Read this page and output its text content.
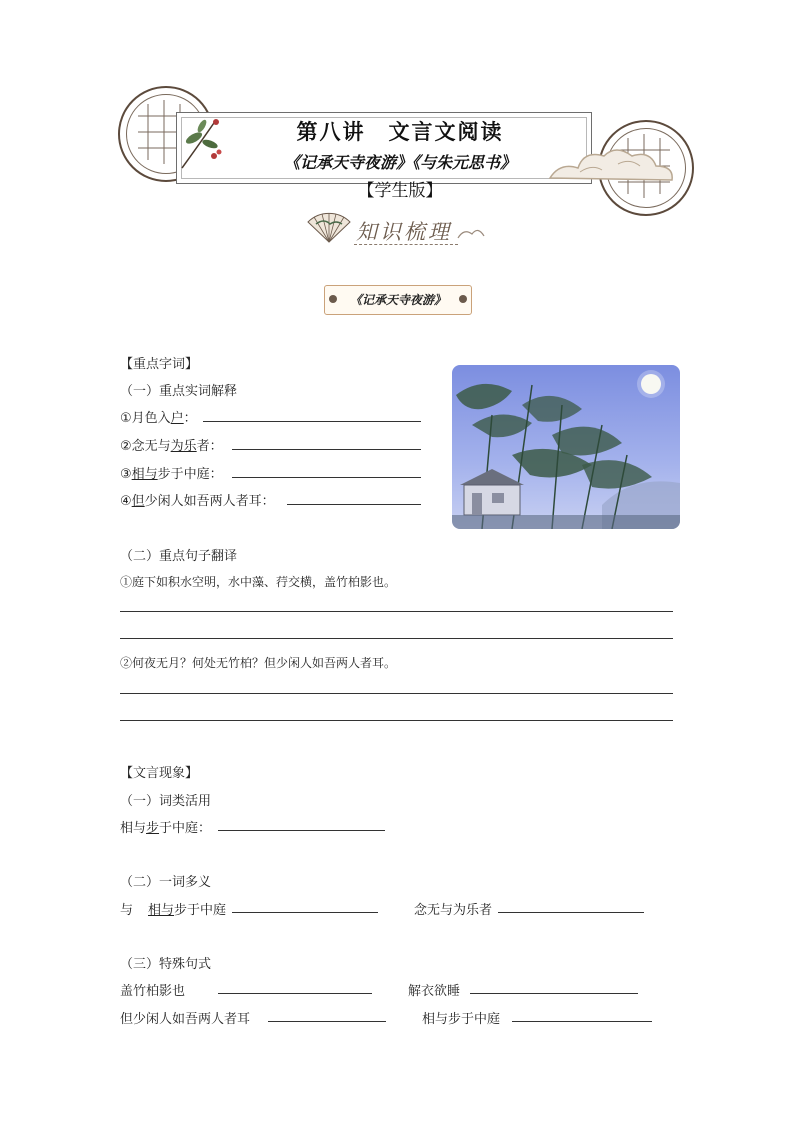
第八讲　文言文阅读
《记承天寺夜游》《与朱元思书》
【学生版】
知识梳理
《记承天寺夜游》
【重点字词】
（一）重点实词解释
①月色入户：
②念无与为乐者：
③相与步于中庭：
④但少闲人如吾两人者耳：
（二）重点句子翻译
①庭下如积水空明，水中藻、荇交横，盖竹柏影也。
②何夜无月？何处无竹柏？但少闲人如吾两人者耳。
【文言现象】
（一）词类活用
相与步于中庭：
（二）一词多义
与 相与步于中庭	念无与为乐者
（三）特殊句式
盖竹柏影也	解衣欲睡
但少闲人如吾两人者耳	相与步于中庭
